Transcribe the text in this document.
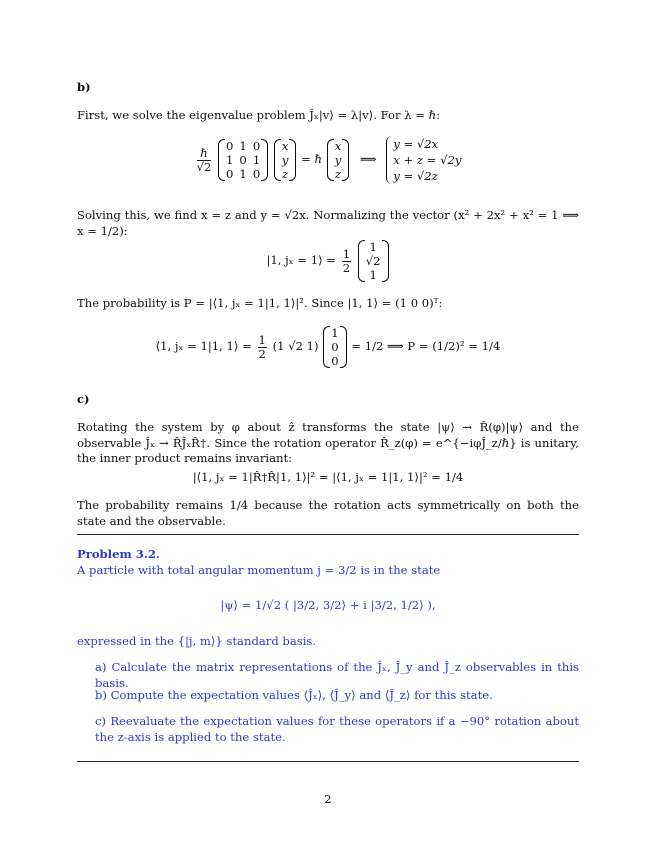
b)
First, we solve the eigenvalue problem Ĵₓ|v⟩ = λ|v⟩. For λ = ℏ:
$\frac{\text{ℏ}}{√2}$

0	1	0
1	0	1
0	1	0

x
y
z
= ℏ
x
y
z
⟹
y = √2x
x + z = √2y
y = √2z
Solving this, we find x = z and y = √2x. Normalizing the vector (x² + 2x² + x² = 1 ⟹ x = 1/2):
|1, jₓ = 1⟩ = $\frac{1}{2}$

1
√2
1
The probability is P = |⟨1, jₓ = 1|1, 1⟩|². Since |1, 1⟩ = (1 0 0)ᵀ:
⟨1, jₓ = 1|1, 1⟩ = $\frac{1}{2} (1$ √2 1)
1
0
0
= 1/2 ⟹ P = (1/2)² = 1/4
c)
Rotating the system by φ about ẑ transforms the state |ψ⟩ → R̂(φ)|ψ⟩ and the observable Ĵₓ → R̂ĴₓR̂†. Since the rotation operator R̂_z(φ) = e^{−iφĴ_z/ℏ} is unitary, the inner product remains invariant:
|⟨1, jₓ = 1|R̂†R̂|1, 1⟩|² = |⟨1, jₓ = 1|1, 1⟩|² = 1/4
The probability remains 1/4 because the rotation acts symmetrically on both the state and the observable.
Problem 3.2.
A particle with total angular momentum j = 3/2 is in the state
|ψ⟩ = 1/√2 ( |3/2, 3/2⟩ + i |3/2, 1/2⟩ ),
expressed in the {|j, m⟩} standard basis.
a) Calculate the matrix representations of the Ĵₓ, Ĵ_y and Ĵ_z observables in this basis.
b) Compute the expectation values ⟨Ĵₓ⟩, ⟨Ĵ_y⟩ and ⟨Ĵ_z⟩ for this state.
c) Reevaluate the expectation values for these operators if a −90° rotation about the z-axis is applied to the state.
2
